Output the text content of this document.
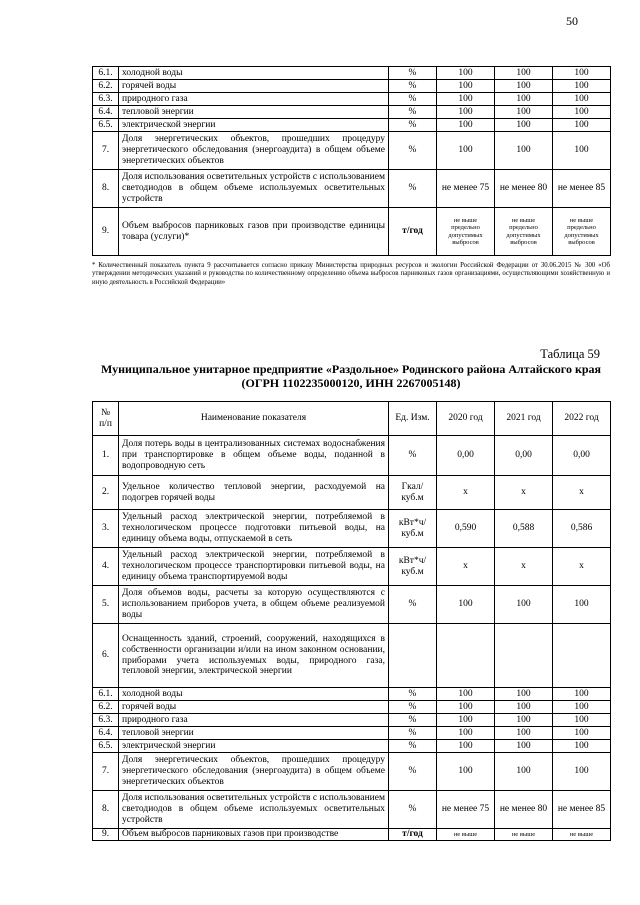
50
6.1.	холодной воды	%	100	100	100
6.2.	горячей воды	%	100	100	100
6.3.	природного газа	%	100	100	100
6.4.	тепловой энергии	%	100	100	100
6.5.	электрической энергии	%	100	100	100
7.	Доля энергетических объектов, прошедших процедуру энергетического обследования (энергоаудита) в общем объеме энергетических объектов	%	100	100	100
8.	Доля использования осветительных устройств с использованием светодиодов в общем объеме используемых осветительных устройств	%	не менее 75	не менее 80	не менее 85
9.	Объем выбросов парниковых газов при производстве единицы товара (услуги)*	т/год	не выше предельно допустимых выбросов	не выше предельно допустимых выбросов	не выше предельно допустимых выбросов
* Количественный показатель пункта 9 рассчитывается согласно приказу Министерства природных ресурсов и экологии Российской Федерации от 30.06.2015 № 300 «Об утверждении методических указаний и руководства по количественному определению объема выбросов парниковых газов организациями, осуществляющими хозяйственную и иную деятельность в Российской Федерации»
Таблица 59
Муниципальное унитарное предприятие «Раздольное» Родинского района Алтайского края (ОГРН 1102235000120, ИНН 2267005148)
№ п/п	Наименование показателя	Ед. Изм.	2020 год	2021 год	2022 год
1.	Доля потерь воды в централизованных системах водоснабжения при транспортировке в общем объеме воды, поданной в водопроводную сеть	%	0,00	0,00	0,00
2.	Удельное количество тепловой энергии, расходуемой на подогрев горячей воды	Гкал/ куб.м	x	x	x
3.	Удельный расход электрической энергии, потребляемой в технологическом процессе подготовки питьевой воды, на единицу объема воды, отпускаемой в сеть	кВт*ч/ куб.м	0,590	0,588	0,586
4.	Удельный расход электрической энергии, потребляемой в технологическом процессе транспортировки питьевой воды, на единицу объема транспортируемой воды	кВт*ч/ куб.м	x	x	x
5.	Доля объемов воды, расчеты за которую осуществляются с использованием приборов учета, в общем объеме реализуемой воды	%	100	100	100
6.	Оснащенность зданий, строений, сооружений, находящихся в собственности организации и/или на ином законном основании, приборами учета используемых воды, природного газа, тепловой энергии, электрической энергии				
6.1.	холодной воды	%	100	100	100
6.2.	горячей воды	%	100	100	100
6.3.	природного газа	%	100	100	100
6.4.	тепловой энергии	%	100	100	100
6.5.	электрической энергии	%	100	100	100
7.	Доля энергетических объектов, прошедших процедуру энергетического обследования (энергоаудита) в общем объеме энергетических объектов	%	100	100	100
8.	Доля использования осветительных устройств с использованием светодиодов в общем объеме используемых осветительных устройств	%	не менее 75	не менее 80	не менее 85
9.	Объем выбросов парниковых газов при производстве	т/год	не выше	не выше	не выше
